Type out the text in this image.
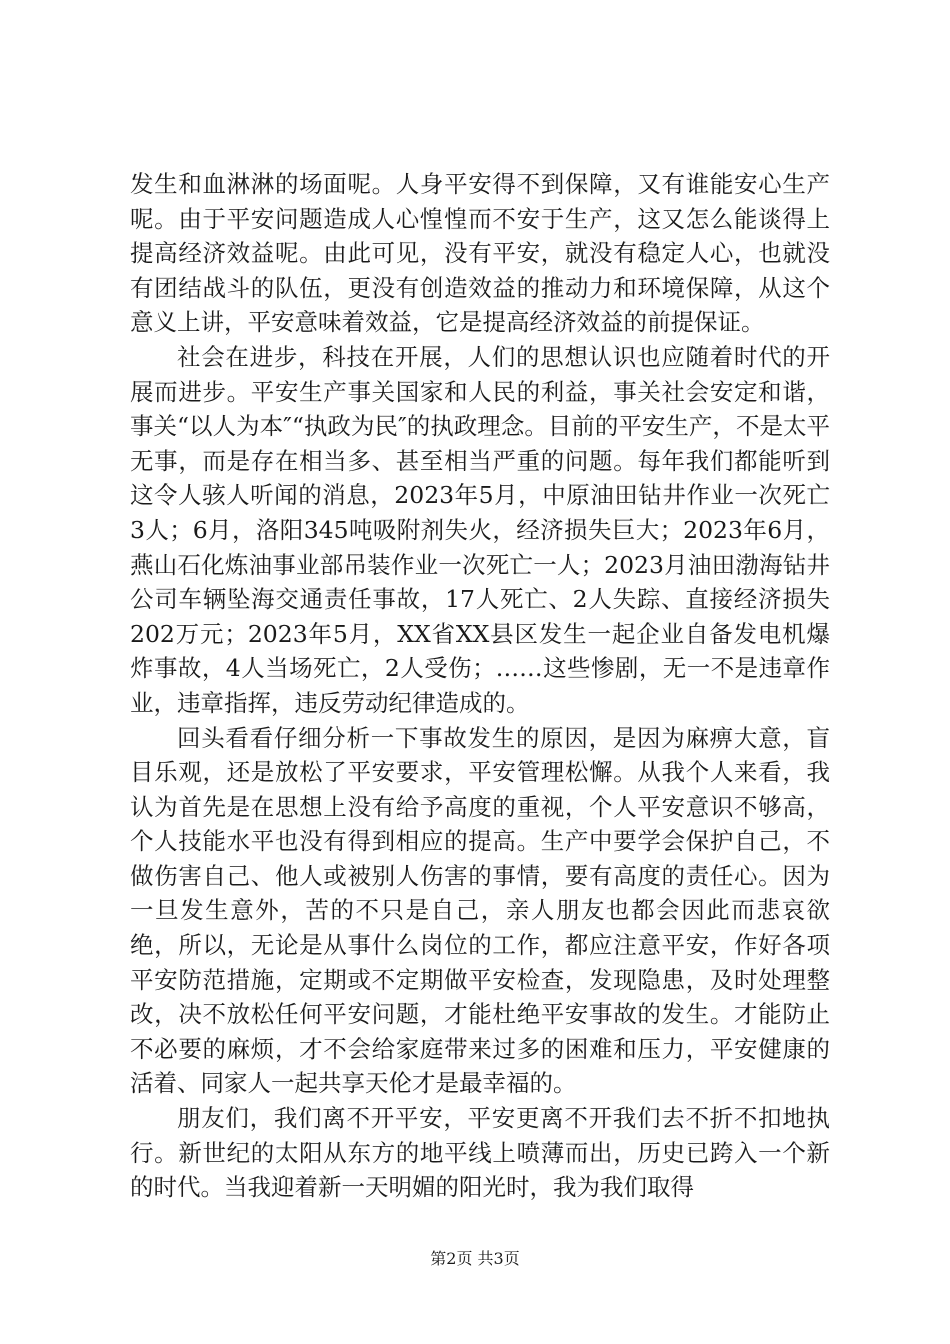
发生和血淋淋的场面呢。人身平安得不到保障，又有谁能安心生产呢。由于平安问题造成人心惶惶而不安于生产，这又怎么能谈得上提高经济效益呢。由此可见，没有平安，就没有稳定人心，也就没有团结战斗的队伍，更没有创造效益的推动力和环境保障，从这个意义上讲，平安意味着效益，它是提高经济效益的前提保证。

社会在进步，科技在开展，人们的思想认识也应随着时代的开展而进步。平安生产事关国家和人民的利益，事关社会安定和谐，事关“以人为本″“执政为民″的执政理念。目前的平安生产，不是太平无事，而是存在相当多、甚至相当严重的问题。每年我们都能听到这令人骇人听闻的消息，2023年5月，中原油田钻井作业一次死亡3人；6月，洛阳345吨吸附剂失火，经济损失巨大；2023年6月，燕山石化炼油事业部吊装作业一次死亡一人；2023月油田渤海钻井公司车辆坠海交通责任事故，17人死亡、2人失踪、直接经济损失202万元；2023年5月，XX省XX县区发生一起企业自备发电机爆炸事故，4人当场死亡，2人受伤；……这些惨剧，无一不是违章作业，违章指挥，违反劳动纪律造成的。

回头看看仔细分析一下事故发生的原因，是因为麻痹大意，盲目乐观，还是放松了平安要求，平安管理松懈。从我个人来看，我认为首先是在思想上没有给予高度的重视，个人平安意识不够高，个人技能水平也没有得到相应的提高。生产中要学会保护自己，不做伤害自己、他人或被别人伤害的事情，要有高度的责任心。因为一旦发生意外，苦的不只是自己，亲人朋友也都会因此而悲哀欲绝，所以，无论是从事什么岗位的工作，都应注意平安，作好各项平安防范措施，定期或不定期做平安检查，发现隐患，及时处理整改，决不放松任何平安问题，才能杜绝平安事故的发生。才能防止不必要的麻烦，才不会给家庭带来过多的困难和压力，平安健康的活着、同家人一起共享天伦才是最幸福的。

朋友们，我们离不开平安，平安更离不开我们去不折不扣地执行。新世纪的太阳从东方的地平线上喷薄而出，历史已跨入一个新的时代。当我迎着新一天明媚的阳光时，我为我们取得

第2页 共3页
